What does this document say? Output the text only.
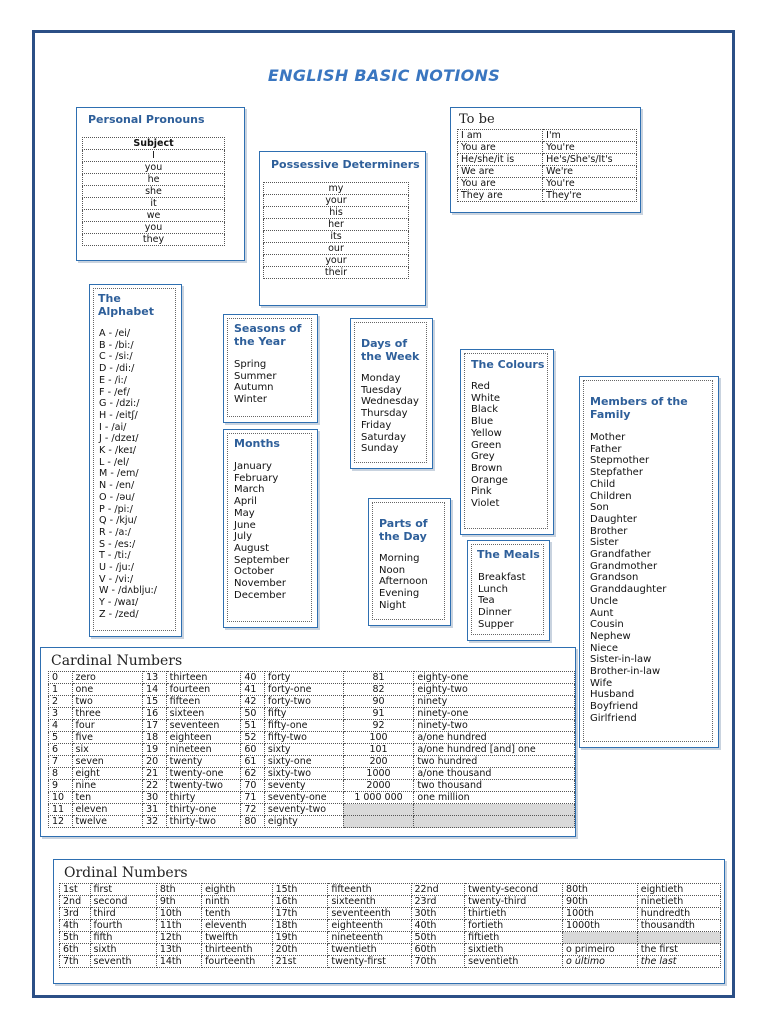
ENGLISH BASIC NOTIONS
Personal Pronouns
Subject
I
you
he
she
it
we
you
they
Possessive Determiners
my
your
his
her
its
our
your
their
To be
I am	I'm
You are	You're
He/she/it is	He's/She's/It's
We are	We're
You are	You're
They are	They're
The
Alphabet
A - /ei/
B - /bi:/
C - /si:/
D - /di:/
E - /i:/
F - /ef/
G - /dzi:/
H - /eitʃ/
I - /ai/
J - /dzeɪ/
K - /keɪ/
L - /el/
M - /em/
N - /en/
O - /əu/
P - /pi:/
Q - /kju/
R - /a:/
S - /es:/
T - /ti:/
U - /ju:/
V - /vi:/
W - /dʌblju:/
Y - /waɪ/
Z - /zed/
Seasons of
the Year
Spring
Summer
Autumn
Winter
Months
January
February
March
April
May
June
July
August
September
October
November
December
Days of
the Week
Monday
Tuesday
Wednesday
Thursday
Friday
Saturday
Sunday
Parts of
the Day
Morning
Noon
Afternoon
Evening
Night
The Colours
Red
White
Black
Blue
Yellow
Green
Grey
Brown
Orange
Pink
Violet
The Meals
Breakfast
Lunch
Tea
Dinner
Supper
Members of the
Family
Mother
Father
Stepmother
Stepfather
Child
Children
Son
Daughter
Brother
Sister
Grandfather
Grandmother
Grandson
Granddaughter
Uncle
Aunt
Cousin
Nephew
Niece
Sister-in-law
Brother-in-law
Wife
Husband
Boyfriend
Girlfriend
Cardinal Numbers
0	zero	13	thirteen	40	forty	81	eighty-one
1	one	14	fourteen	41	forty-one	82	eighty-two
2	two	15	fifteen	42	forty-two	90	ninety
3	three	16	sixteen	50	fifty	91	ninety-one
4	four	17	seventeen	51	fifty-one	92	ninety-two
5	five	18	eighteen	52	fifty-two	100	a/one hundred
6	six	19	nineteen	60	sixty	101	a/one hundred [and] one
7	seven	20	twenty	61	sixty-one	200	two hundred
8	eight	21	twenty-one	62	sixty-two	1000	a/one thousand
9	nine	22	twenty-two	70	seventy	2000	two thousand
10	ten	30	thirty	71	seventy-one	1 000 000	one million
11	eleven	31	thirty-one	72	seventy-two		
12	twelve	32	thirty-two	80	eighty		
Ordinal Numbers
1st	first	8th	eighth	15th	fifteenth	22nd	twenty-second	80th	eightieth
2nd	second	9th	ninth	16th	sixteenth	23rd	twenty-third	90th	ninetieth
3rd	third	10th	tenth	17th	seventeenth	30th	thirtieth	100th	hundredth
4th	fourth	11th	eleventh	18th	eighteenth	40th	fortieth	1000th	thousandth
5th	fifth	12th	twelfth	19th	nineteenth	50th	fiftieth		
6th	sixth	13th	thirteenth	20th	twentieth	60th	sixtieth	o primeiro	the first
7th	seventh	14th	fourteenth	21st	twenty-first	70th	seventieth	o último	the last
